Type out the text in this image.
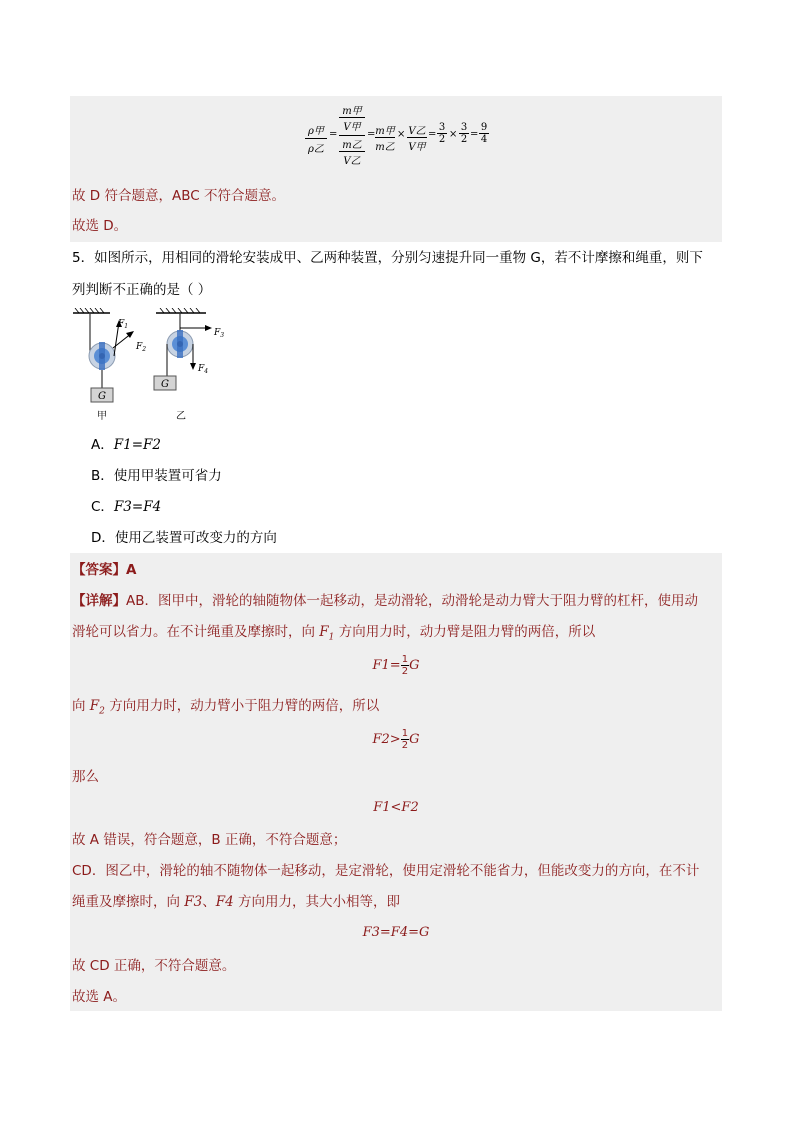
ρ甲
ρ乙
=
m甲
V甲
m乙
V乙
= m甲
m乙
× V乙
V甲
=
3
2 ×
3
2 =
9
4
故 D 符合题意，ABC 不符合题意。
故选 D。
5．如图所示，用相同的滑轮安装成甲、乙两种装置，分别匀速提升同一重物 G，若不计摩擦和绳重，则下
列判断不正确的是（ ）
G
$F_1$
$F_2$
甲
G
$F_3$
$F_4$
乙
A．F1=F2
B．使用甲装置可省力
C．F3=F4
D．使用乙装置可改变力的方向
【答案】A
【详解】AB．图甲中，滑轮的轴随物体一起移动，是动滑轮，动滑轮是动力臂大于阻力臂的杠杆，使用动
滑轮可以省力。在不计绳重及摩擦时，向 $F_1$ 方向用力时，动力臂是阻力臂的两倍，所以
$F1= \frac{1}{2}$ G
向 $F_2$ 方向用力时，动力臂小于阻力臂的两倍，所以
$F2> \frac{1}{2}$ G
那么
F1<F2
故 A 错误，符合题意，B 正确，不符合题意；
CD．图乙中，滑轮的轴不随物体一起移动，是定滑轮，使用定滑轮不能省力，但能改变力的方向，在不计
绳重及摩擦时，向 F3、F4 方向用力，其大小相等，即
F3=F4=G
故 CD 正确，不符合题意。
故选 A。
